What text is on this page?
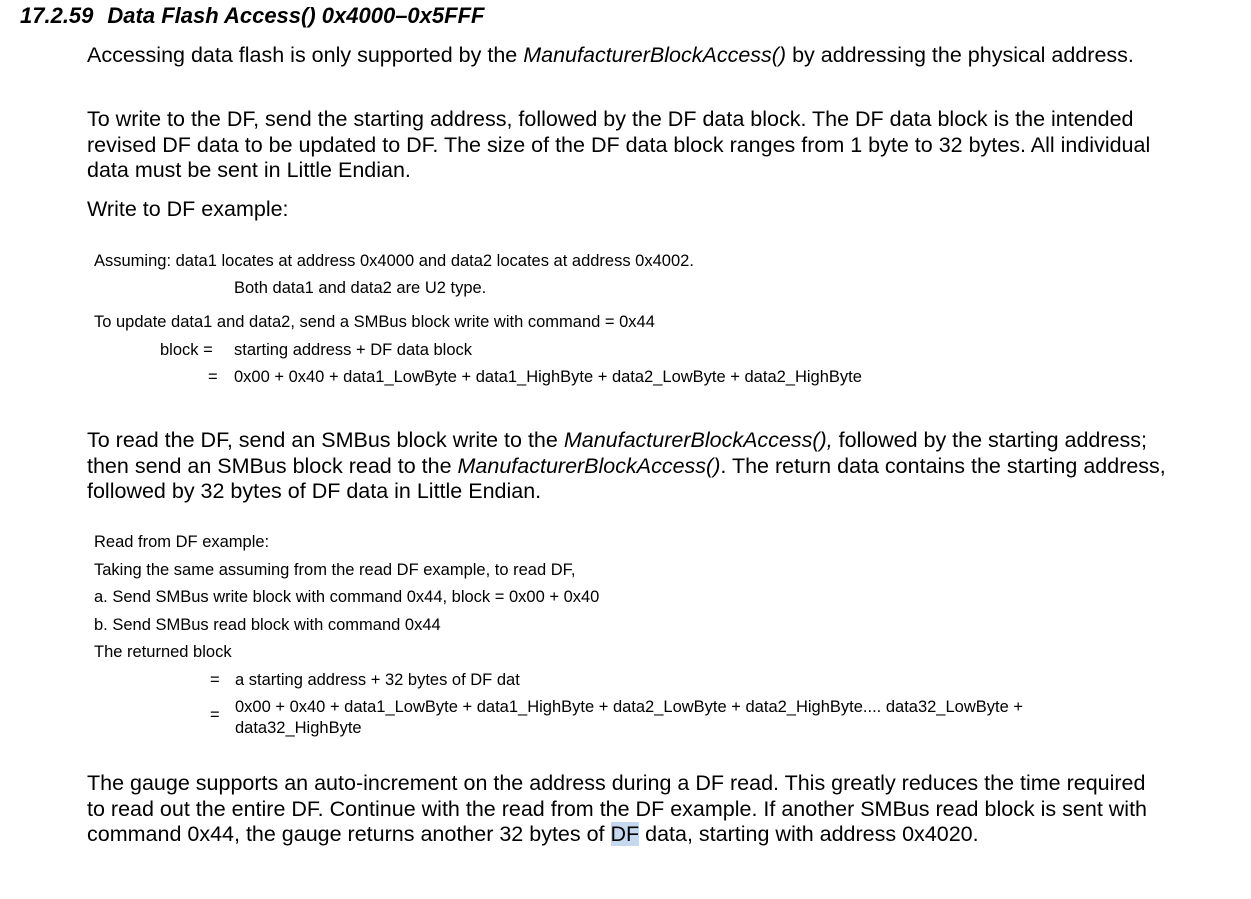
17.2.59 Data Flash Access() 0x4000–0x5FFF

Accessing data flash is only supported by the ManufacturerBlockAccess() by addressing the physical address.

To write to the DF, send the starting address, followed by the DF data block. The DF data block is the intended revised DF data to be updated to DF. The size of the DF data block ranges from 1 byte to 32 bytes. All individual data must be sent in Little Endian.

Write to DF example:

Assuming: data1 locates at address 0x4000 and data2 locates at address 0x4002.
Both data1 and data2 are U2 type.
To update data1 and data2, send a SMBus block write with command = 0x44
block = starting address + DF data block
= 0x00 + 0x40 + data1_LowByte + data1_HighByte + data2_LowByte + data2_HighByte

To read the DF, send an SMBus block write to the ManufacturerBlockAccess(), followed by the starting address; then send an SMBus block read to the ManufacturerBlockAccess(). The return data contains the starting address, followed by 32 bytes of DF data in Little Endian.

Read from DF example:
Taking the same assuming from the read DF example, to read DF,
a. Send SMBus write block with command 0x44, block = 0x00 + 0x40
b. Send SMBus read block with command 0x44
The returned block
= a starting address + 32 bytes of DF dat
= 0x00 + 0x40 + data1_LowByte + data1_HighByte + data2_LowByte + data2_HighByte.... data32_LowByte +
data32_HighByte

The gauge supports an auto-increment on the address during a DF read. This greatly reduces the time required to read out the entire DF. Continue with the read from the DF example. If another SMBus read block is sent with command 0x44, the gauge returns another 32 bytes of DF data, starting with address 0x4020.
